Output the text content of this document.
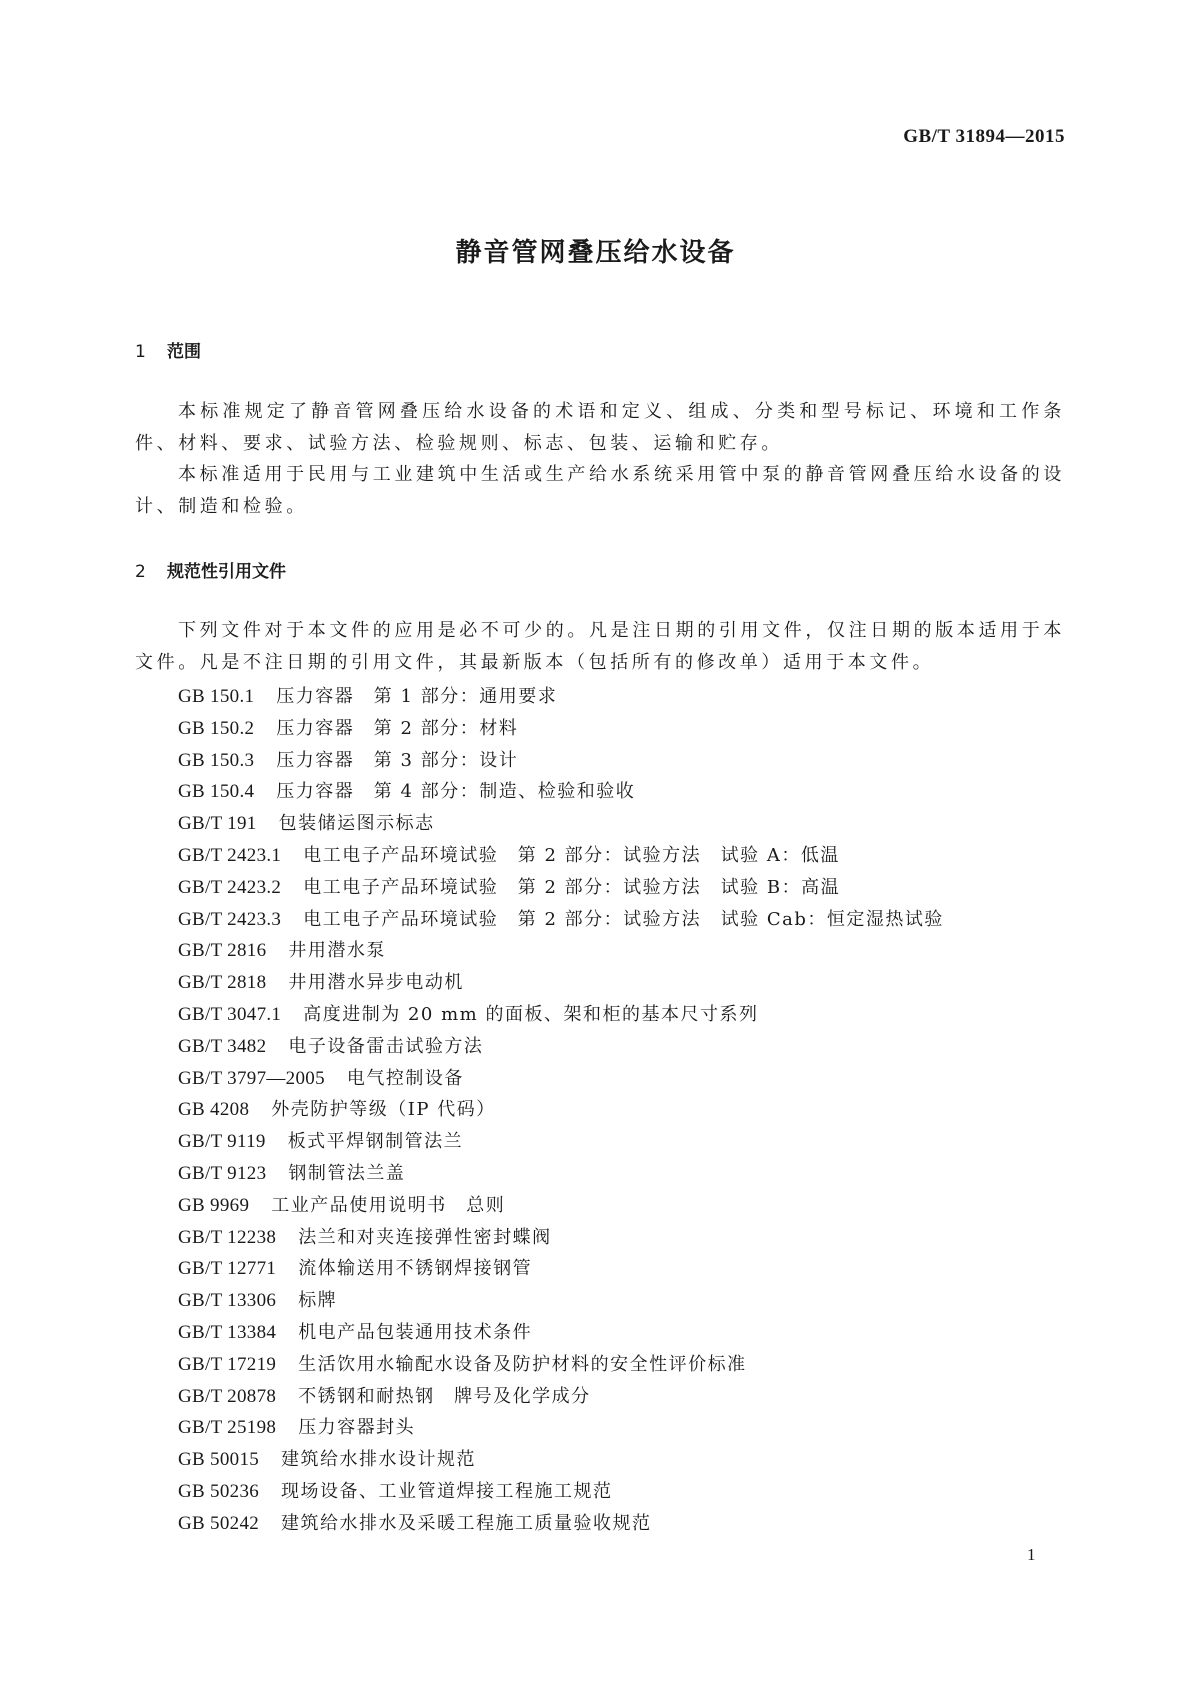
GB/T 31894—2015
静音管网叠压给水设备
1 范围
本标准规定了静音管网叠压给水设备的术语和定义、组成、分类和型号标记、环境和工作条件、材料、要求、试验方法、检验规则、标志、包装、运输和贮存。
本标准适用于民用与工业建筑中生活或生产给水系统采用管中泵的静音管网叠压给水设备的设计、制造和检验。
2 规范性引用文件
下列文件对于本文件的应用是必不可少的。凡是注日期的引用文件，仅注日期的版本适用于本文件。凡是不注日期的引用文件，其最新版本（包括所有的修改单）适用于本文件。
GB 150.1 压力容器　第 1 部分：通用要求
GB 150.2 压力容器　第 2 部分：材料
GB 150.3 压力容器　第 3 部分：设计
GB 150.4 压力容器　第 4 部分：制造、检验和验收
GB/T 191 包装储运图示标志
GB/T 2423.1 电工电子产品环境试验　第 2 部分：试验方法　试验 A：低温
GB/T 2423.2 电工电子产品环境试验　第 2 部分：试验方法　试验 B：高温
GB/T 2423.3 电工电子产品环境试验　第 2 部分：试验方法　试验 Cab：恒定湿热试验
GB/T 2816 井用潜水泵
GB/T 2818 井用潜水异步电动机
GB/T 3047.1 高度进制为 20 mm 的面板、架和柜的基本尺寸系列
GB/T 3482 电子设备雷击试验方法
GB/T 3797—2005 电气控制设备
GB 4208 外壳防护等级（IP 代码）
GB/T 9119 板式平焊钢制管法兰
GB/T 9123 钢制管法兰盖
GB 9969 工业产品使用说明书　总则
GB/T 12238 法兰和对夹连接弹性密封蝶阀
GB/T 12771 流体输送用不锈钢焊接钢管
GB/T 13306 标牌
GB/T 13384 机电产品包装通用技术条件
GB/T 17219 生活饮用水输配水设备及防护材料的安全性评价标准
GB/T 20878 不锈钢和耐热钢　牌号及化学成分
GB/T 25198 压力容器封头
GB 50015 建筑给水排水设计规范
GB 50236 现场设备、工业管道焊接工程施工规范
GB 50242 建筑给水排水及采暖工程施工质量验收规范
1
